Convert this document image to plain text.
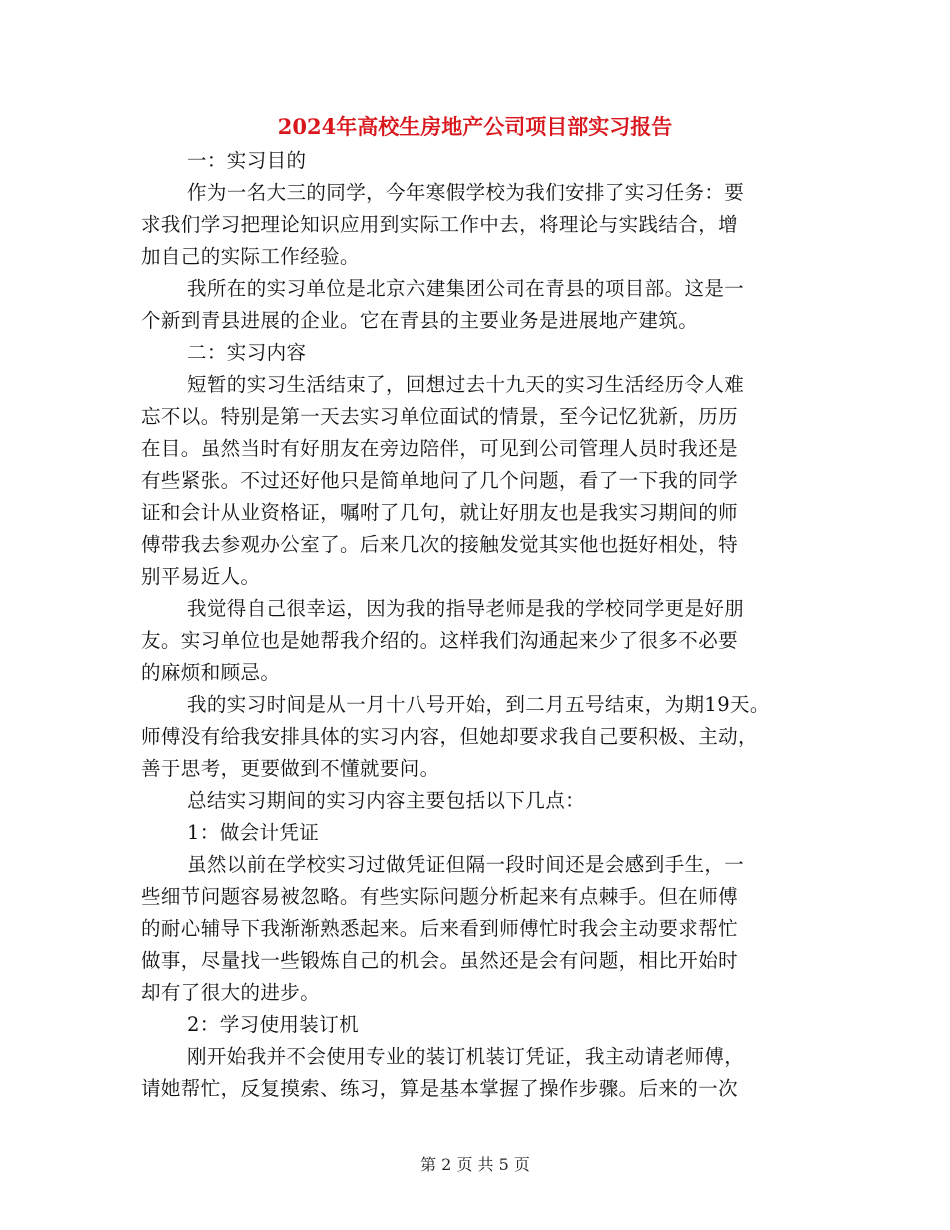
2024年高校生房地产公司项目部实习报告
一：实习目的
作为一名大三的同学，今年寒假学校为我们安排了实习任务：要
求我们学习把理论知识应用到实际工作中去，将理论与实践结合，增
加自己的实际工作经验。
我所在的实习单位是北京六建集团公司在青县的项目部。这是一
个新到青县进展的企业。它在青县的主要业务是进展地产建筑。
二：实习内容
短暂的实习生活结束了，回想过去十九天的实习生活经历令人难
忘不以。特别是第一天去实习单位面试的情景，至今记忆犹新，历历
在目。虽然当时有好朋友在旁边陪伴，可见到公司管理人员时我还是
有些紧张。不过还好他只是简单地问了几个问题，看了一下我的同学
证和会计从业资格证，嘱咐了几句，就让好朋友也是我实习期间的师
傅带我去参观办公室了。后来几次的接触发觉其实他也挺好相处，特
别平易近人。
我觉得自己很幸运，因为我的指导老师是我的学校同学更是好朋
友。实习单位也是她帮我介绍的。这样我们沟通起来少了很多不必要
的麻烦和顾忌。
我的实习时间是从一月十八号开始，到二月五号结束，为期19天。
师傅没有给我安排具体的实习内容，但她却要求我自己要积极、主动，
善于思考，更要做到不懂就要问。
总结实习期间的实习内容主要包括以下几点：
1：做会计凭证
虽然以前在学校实习过做凭证但隔一段时间还是会感到手生，一
些细节问题容易被忽略。有些实际问题分析起来有点棘手。但在师傅
的耐心辅导下我渐渐熟悉起来。后来看到师傅忙时我会主动要求帮忙
做事，尽量找一些锻炼自己的机会。虽然还是会有问题，相比开始时
却有了很大的进步。
2：学习使用装订机
刚开始我并不会使用专业的装订机装订凭证，我主动请老师傅，
请她帮忙，反复摸索、练习，算是基本掌握了操作步骤。后来的一次
第 2 页 共 5 页
